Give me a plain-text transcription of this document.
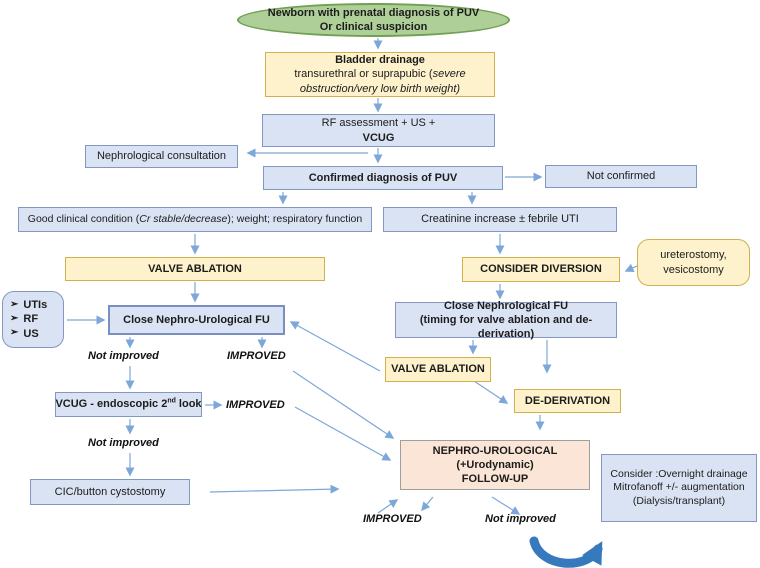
Newborn with prenatal diagnosis of PUV
Or clinical suspicion
Bladder drainage
transurethral or suprapubic (severe
obstruction/very low birth weight)
RF assessment + US +
VCUG
Nephrological consultation
Confirmed diagnosis of PUV	Not confirmed
Good clinical condition (Cr stable/decrease); weight; respiratory function	Creatinine increase ± febrile UTI
VALVE ABLATION	CONSIDER DIVERSION
ureterostomy,
vesicostomy
➢ UTIs
➢ RF
➢ US
Close Nephro-Urological FU
Close Nephrological FU
(timing for valve ablation and de-derivation)
Not improved	IMPROVED
VALVE ABLATION
VCUG - endoscopic 2nd look IMPROVED	DE-DERIVATION
Not improved
NEPHRO-UROLOGICAL
(+Urodynamic)
FOLLOW-UP
CIC/button cystostomy
Consider :Overnight drainage
Mitrofanoff +/- augmentation
(Dialysis/transplant)
IMPROVED	Not improved
